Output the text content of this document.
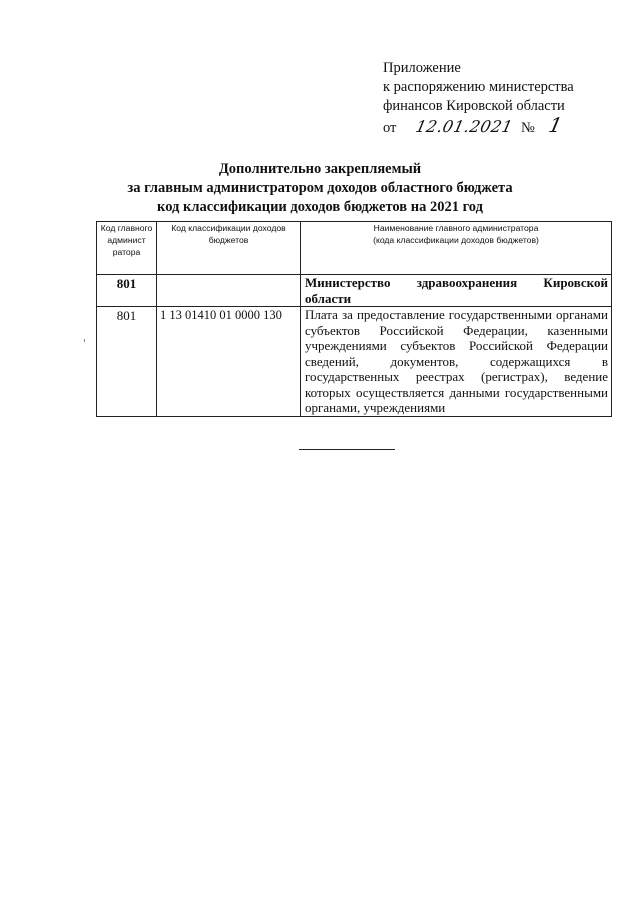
Приложение
к распоряжению министерства
финансов Кировской области
от 12.01.2021 № 1
Дополнительно закрепляемый
за главным администратором доходов областного бюджета
код классификации доходов бюджетов на 2021 год
Код главного админист ратора	Код классификации доходов бюджетов	Наименование главного администратора
(кода классификации доходов бюджетов)

801		Министерство здравоохранения Кировской области
801	1 13 01410 01 0000 130	Плата за предоставление государственными органами субъектов Российской Федерации, казенными учреждениями субъектов Российской Федерации сведений, документов, содержащихся в государственных реестрах (регистрах), ведение которых осуществляется данными государственными органами, учреждениями
